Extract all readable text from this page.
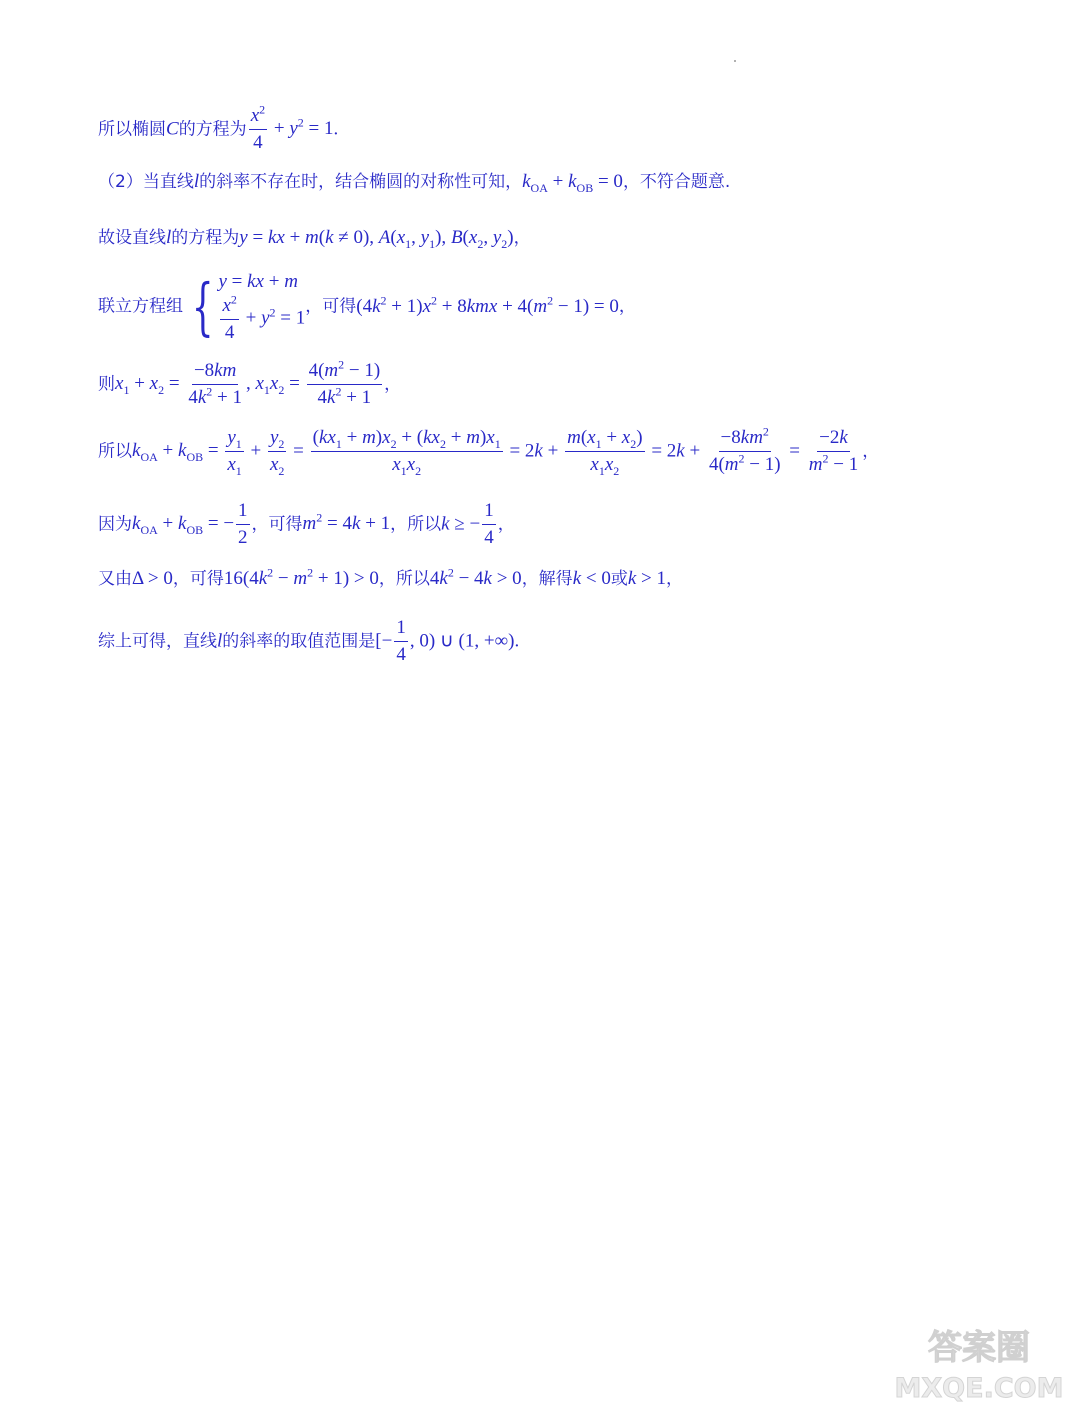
所以椭圆C的方程为 $\frac{x^2}{4} + y^2 = 1$.
（2）当直线l的斜率不存在时，结合椭圆的对称性可知，$k_{OA} + k_{OB} = 0$，不符合题意.
故设直线l的方程为y = kx + m(k ≠ 0), $A(x_1$, $y_1$), $B(x_2$, $y_2$)，
联立方程组 { y = kx + m
$\frac{x^2}{4} + y^2 = 1$
，可得$(4k^2 + 1)x^2 + 8kmx + 4(m^2 - 1) = 0$，
则$x_1 + x_2 = \frac{-8km}{4k^2 + 1}$ , $x_1x_2 = \frac{4(m^2 - 1)}{4k^2 + 1}$ ，
所以$k_{OA} + k_{OB} = \frac{y_1}{x_1} + \frac{y_2}{x_2} = \frac{(kx_1 + m)x_2 + (kx_2 + m)x_1}{x_1x_2} = 2k + \frac{m(x_1 + x_2)}{x_1x_2} = 2k + \frac{-8km^2}{4(m^2 - 1)} = \frac{-2k}{m^2 - 1}$ ，
因为$k_{OA} + k_{OB}$ = − $\frac{1}{2}$ ，可得$m^2 = 4k + 1$，所以k ≥ − $\frac{1}{4}$ ，
又由Δ > 0，可得$16(4k^2 - m^2 + 1) > 0$，所以$4k^2 - 4k > 0$，解得k < 0或k > 1，
综上可得，直线l的斜率的取值范围是[− $\frac{1}{4}$ , 0) ∪ (1, +∞).
答案圈
MXQE.COM
